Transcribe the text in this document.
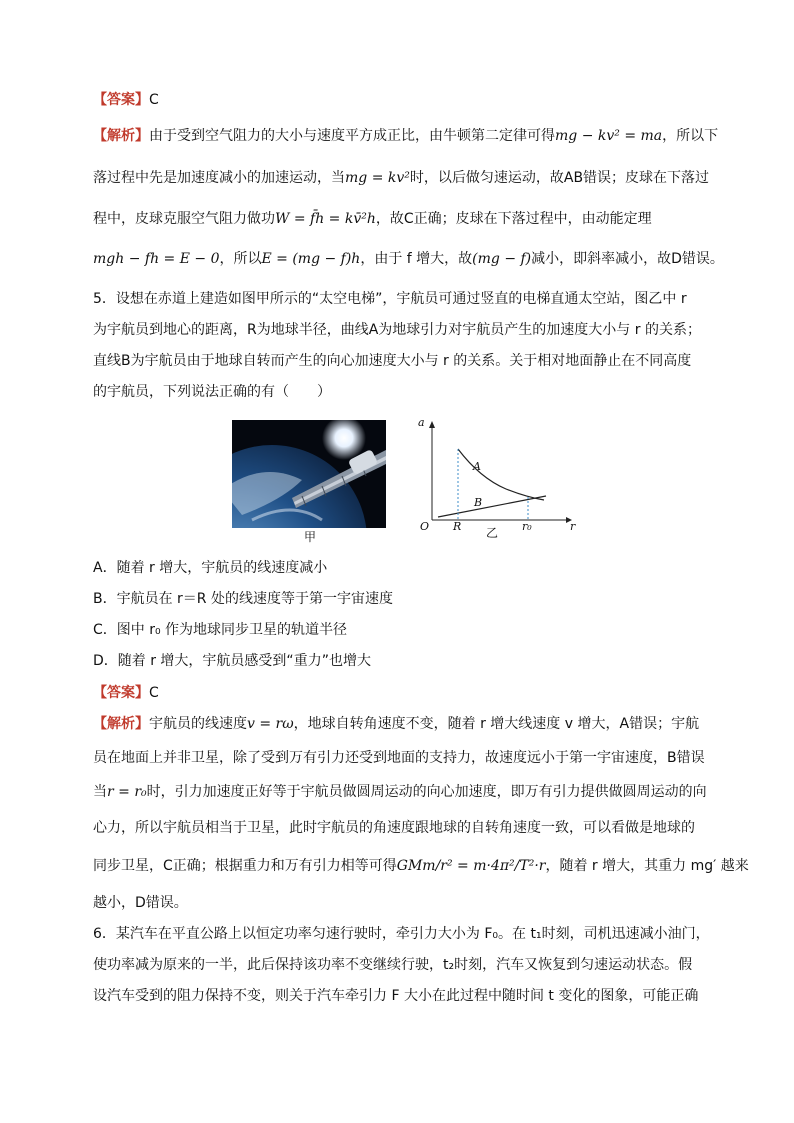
【答案】C
【解析】由于受到空气阻力的大小与速度平方成正比，由牛顿第二定律可得mg − kv² = ma，所以下
落过程中先是加速度减小的加速运动，当mg = kv²时，以后做匀速运动，故AB错误；皮球在下落过
程中，皮球克服空气阻力做功W = f̄h = kv̄²h，故C正确；皮球在下落过程中，由动能定理
mgh − fh = E − 0，所以E = (mg − f)h，由于 f 增大，故(mg − f)减小，即斜率减小，故D错误。
5．设想在赤道上建造如图甲所示的“太空电梯”，宇航员可通过竖直的电梯直通太空站，图乙中 r
为宇航员到地心的距离，R为地球半径，曲线A为地球引力对宇航员产生的加速度大小与 r 的关系；
直线B为宇航员由于地球自转而产生的向心加速度大小与 r 的关系。关于相对地面静止在不同高度
的宇航员，下列说法正确的有（　　）
甲
a
O R	r₀	r
A
B
乙
A．随着 r 增大，宇航员的线速度减小
B．宇航员在 r＝R 处的线速度等于第一宇宙速度
C．图中 r₀ 作为地球同步卫星的轨道半径
D．随着 r 增大，宇航员感受到“重力”也增大
【答案】C
【解析】宇航员的线速度v = rω，地球自转角速度不变，随着 r 增大线速度 v 增大，A错误；宇航
员在地面上并非卫星，除了受到万有引力还受到地面的支持力，故速度远小于第一宇宙速度，B错误
当r = r₀时，引力加速度正好等于宇航员做圆周运动的向心加速度，即万有引力提供做圆周运动的向
心力，所以宇航员相当于卫星，此时宇航员的角速度跟地球的自转角速度一致，可以看做是地球的
同步卫星，C正确；根据重力和万有引力相等可得GMm/r² = m·4π²/T²·r，随着 r 增大，其重力 mg′ 越来
越小，D错误。
6．某汽车在平直公路上以恒定功率匀速行驶时，牵引力大小为 F₀。在 t₁时刻，司机迅速减小油门，
使功率减为原来的一半，此后保持该功率不变继续行驶，t₂时刻，汽车又恢复到匀速运动状态。假
设汽车受到的阻力保持不变，则关于汽车牵引力 F 大小在此过程中随时间 t 变化的图象，可能正确
